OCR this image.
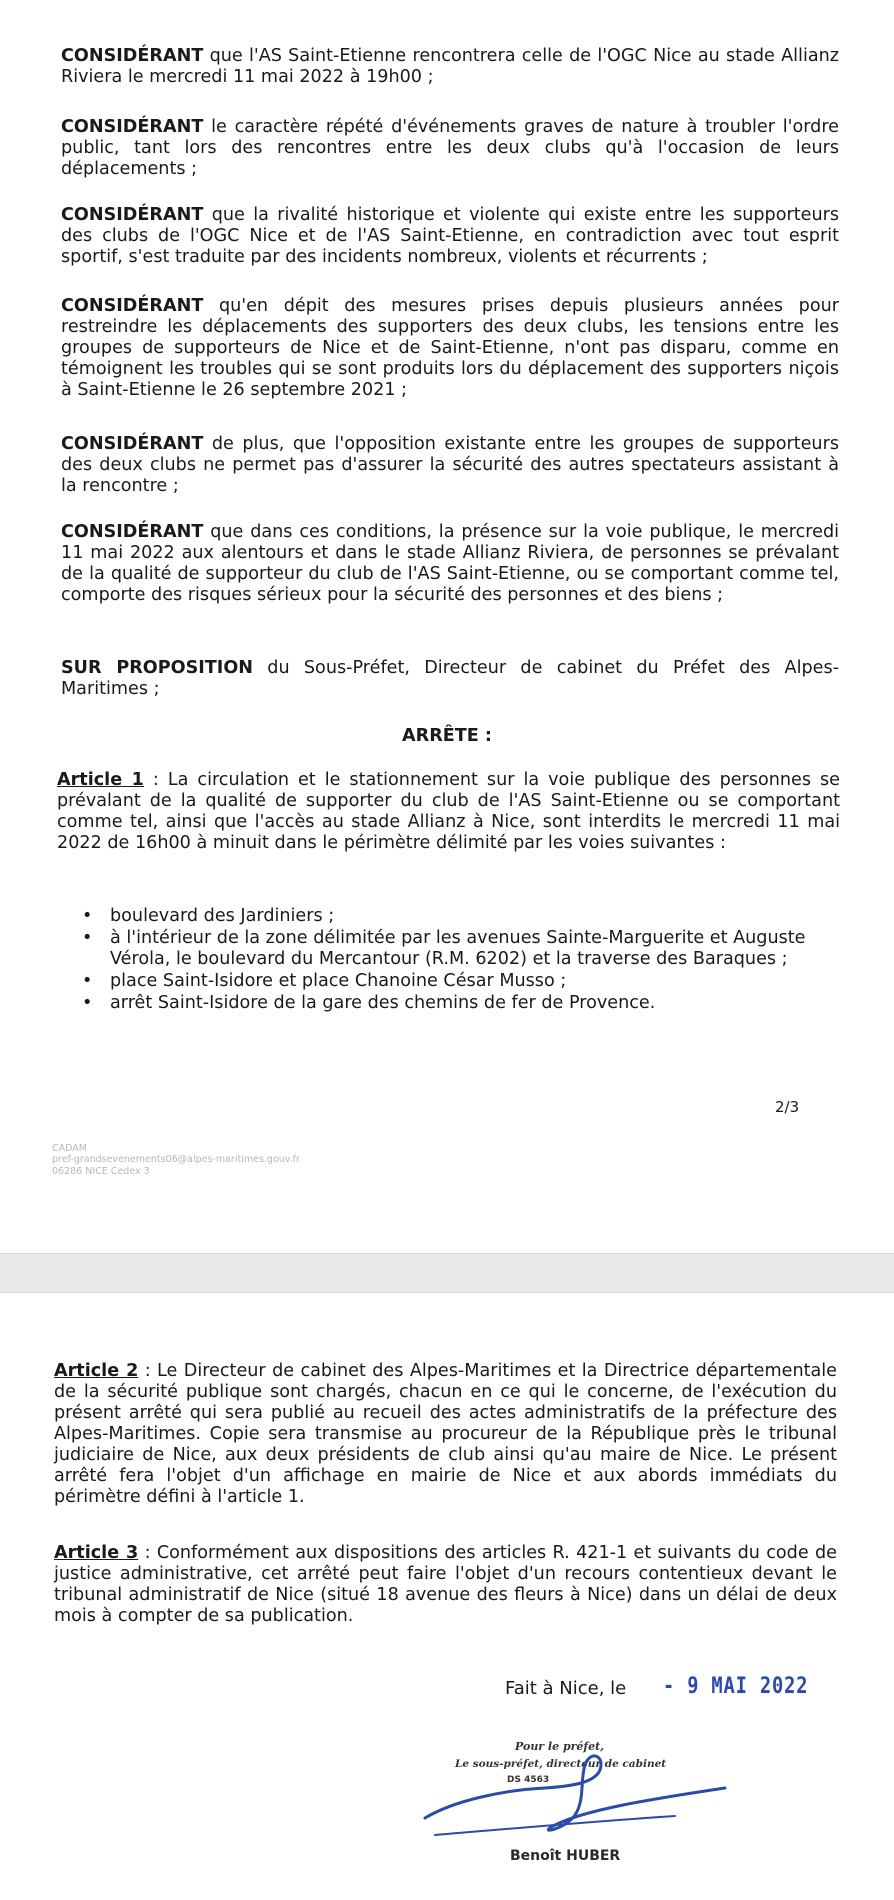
CONSIDÉRANT que l'AS Saint-Etienne rencontrera celle de l'OGC Nice au stade Allianz Riviera le mercredi 11 mai 2022 à 19h00 ;
CONSIDÉRANT le caractère répété d'événements graves de nature à troubler l'ordre public, tant lors des rencontres entre les deux clubs qu'à l'occasion de leurs déplacements ;
CONSIDÉRANT que la rivalité historique et violente qui existe entre les supporteurs des clubs de l'OGC Nice et de l'AS Saint-Etienne, en contradiction avec tout esprit sportif, s'est traduite par des incidents nombreux, violents et récurrents ;
CONSIDÉRANT qu'en dépit des mesures prises depuis plusieurs années pour restreindre les déplacements des supporters des deux clubs, les tensions entre les groupes de supporteurs de Nice et de Saint-Etienne, n'ont pas disparu, comme en témoignent les troubles qui se sont produits lors du déplacement des supporters niçois à Saint-Etienne le 26 septembre 2021 ;
CONSIDÉRANT de plus, que l'opposition existante entre les groupes de supporteurs des deux clubs ne permet pas d'assurer la sécurité des autres spectateurs assistant à la rencontre ;
CONSIDÉRANT que dans ces conditions, la présence sur la voie publique, le mercredi 11 mai 2022 aux alentours et dans le stade Allianz Riviera, de personnes se prévalant de la qualité de supporteur du club de l'AS Saint-Etienne, ou se comportant comme tel, comporte des risques sérieux pour la sécurité des personnes et des biens ;
SUR PROPOSITION du Sous-Préfet, Directeur de cabinet du Préfet des Alpes-Maritimes ;
ARRÊTE :
Article 1 : La circulation et le stationnement sur la voie publique des personnes se prévalant de la qualité de supporter du club de l'AS Saint-Etienne ou se comportant comme tel, ainsi que l'accès au stade Allianz à Nice, sont interdits le mercredi 11 mai 2022 de 16h00 à minuit dans le périmètre délimité par les voies suivantes :
• boulevard des Jardiniers ;
• à l'intérieur de la zone délimitée par les avenues Sainte-Marguerite et Auguste Vérola, le boulevard du Mercantour (R.M. 6202) et la traverse des Baraques ;
• place Saint-Isidore et place Chanoine César Musso ;
• arrêt Saint-Isidore de la gare des chemins de fer de Provence.
2/3
CADAM
pref-grandsevenements06@alpes-maritimes.gouv.fr
06286 NICE Cedex 3
Article 2 : Le Directeur de cabinet des Alpes-Maritimes et la Directrice départementale de la sécurité publique sont chargés, chacun en ce qui le concerne, de l'exécution du présent arrêté qui sera publié au recueil des actes administratifs de la préfecture des Alpes-Maritimes. Copie sera transmise au procureur de la République près le tribunal judiciaire de Nice, aux deux présidents de club ainsi qu'au maire de Nice. Le présent arrêté fera l'objet d'un affichage en mairie de Nice et aux abords immédiats du périmètre défini à l'article 1.
Article 3 : Conformément aux dispositions des articles R. 421-1 et suivants du code de justice administrative, cet arrêté peut faire l'objet d'un recours contentieux devant le tribunal administratif de Nice (situé 18 avenue des fleurs à Nice) dans un délai de deux mois à compter de sa publication.
Fait à Nice, le - 9 MAI 2022
Pour le préfet,
Le sous-préfet, directeur de cabinet
DS 4563
Benoît HUBER
